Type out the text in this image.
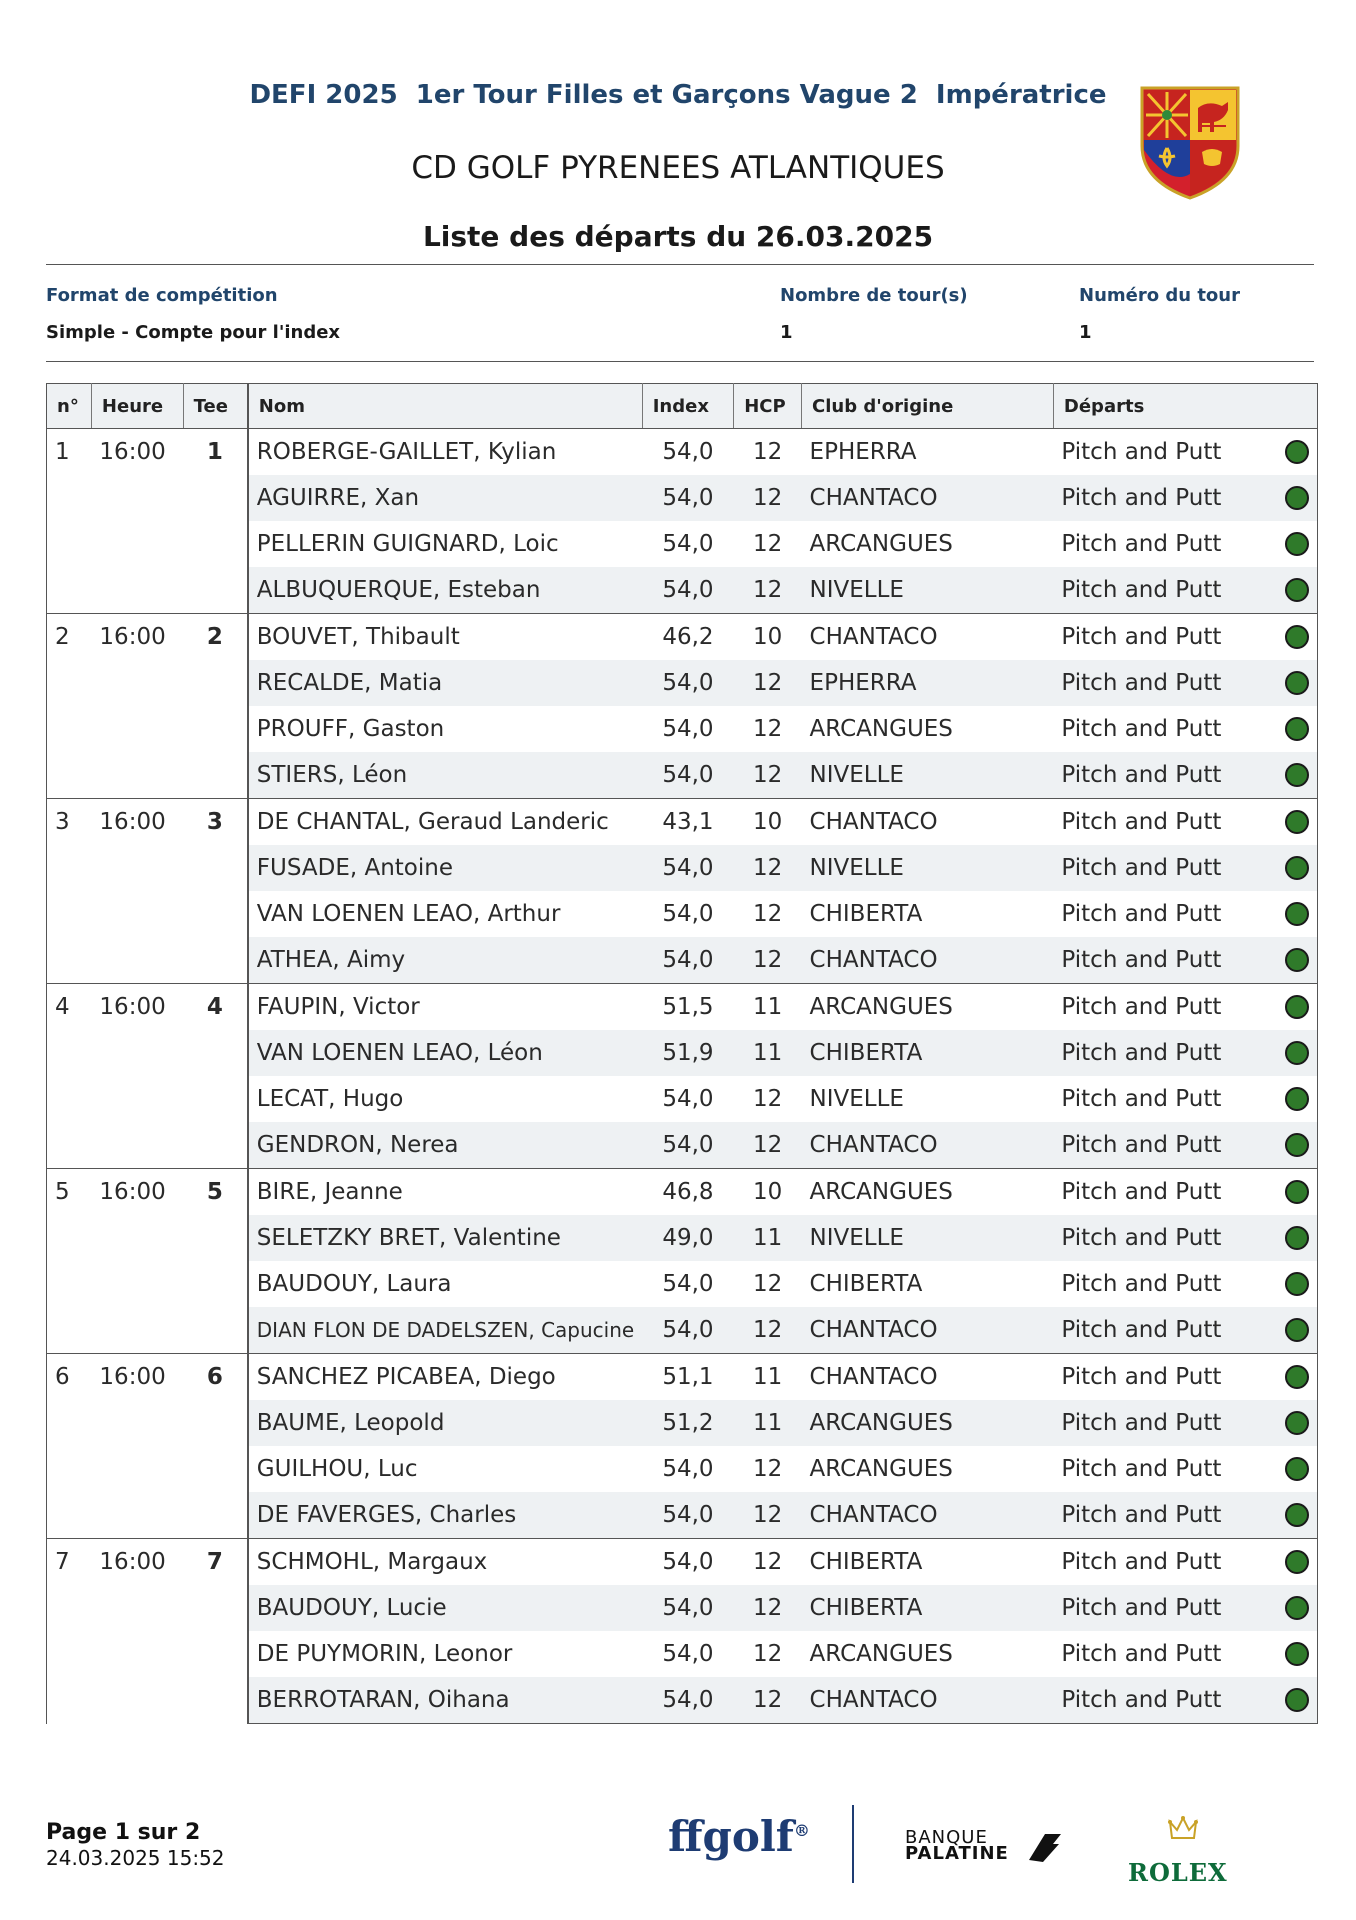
DEFI 2025  1er Tour Filles et Garçons Vague 2  Impératrice
CD GOLF PYRENEES ATLANTIQUES
Liste des départs du 26.03.2025
Format de compétition
Simple - Compte pour l'index
Nombre de tour(s)
1
Numéro du tour
1
n°	Heure	Tee	Nom	Index	HCP	Club d'origine	Départs
1	16:00	1	ROBERGE-GAILLET, Kylian	54,0	12	EPHERRA	Pitch and Putt

			AGUIRRE, Xan	54,0	12	CHANTACO	Pitch and Putt

			PELLERIN GUIGNARD, Loic	54,0	12	ARCANGUES	Pitch and Putt

			ALBUQUERQUE, Esteban	54,0	12	NIVELLE	Pitch and Putt

2	16:00	2	BOUVET, Thibault	46,2	10	CHANTACO	Pitch and Putt

			RECALDE, Matia	54,0	12	EPHERRA	Pitch and Putt

			PROUFF, Gaston	54,0	12	ARCANGUES	Pitch and Putt

			STIERS, Léon	54,0	12	NIVELLE	Pitch and Putt

3	16:00	3	DE CHANTAL, Geraud Landeric	43,1	10	CHANTACO	Pitch and Putt

			FUSADE, Antoine	54,0	12	NIVELLE	Pitch and Putt

			VAN LOENEN LEAO, Arthur	54,0	12	CHIBERTA	Pitch and Putt

			ATHEA, Aimy	54,0	12	CHANTACO	Pitch and Putt

4	16:00	4	FAUPIN, Victor	51,5	11	ARCANGUES	Pitch and Putt

			VAN LOENEN LEAO, Léon	51,9	11	CHIBERTA	Pitch and Putt

			LECAT, Hugo	54,0	12	NIVELLE	Pitch and Putt

			GENDRON, Nerea	54,0	12	CHANTACO	Pitch and Putt

5	16:00	5	BIRE, Jeanne	46,8	10	ARCANGUES	Pitch and Putt

			SELETZKY BRET, Valentine	49,0	11	NIVELLE	Pitch and Putt

			BAUDOUY, Laura	54,0	12	CHIBERTA	Pitch and Putt

			DIAN FLON DE DADELSZEN, Capucine	54,0	12	CHANTACO	Pitch and Putt

6	16:00	6	SANCHEZ PICABEA, Diego	51,1	11	CHANTACO	Pitch and Putt

			BAUME, Leopold	51,2	11	ARCANGUES	Pitch and Putt

			GUILHOU, Luc	54,0	12	ARCANGUES	Pitch and Putt

			DE FAVERGES, Charles	54,0	12	CHANTACO	Pitch and Putt

7	16:00	7	SCHMOHL, Margaux	54,0	12	CHIBERTA	Pitch and Putt

			BAUDOUY, Lucie	54,0	12	CHIBERTA	Pitch and Putt

			DE PUYMORIN, Leonor	54,0	12	ARCANGUES	Pitch and Putt

			BERROTARAN, Oihana	54,0	12	CHANTACO	Pitch and Putt
Page 1 sur 2
24.03.2025 15:52	ffgolf®	BANQUE
PALATINE
ROLEX
